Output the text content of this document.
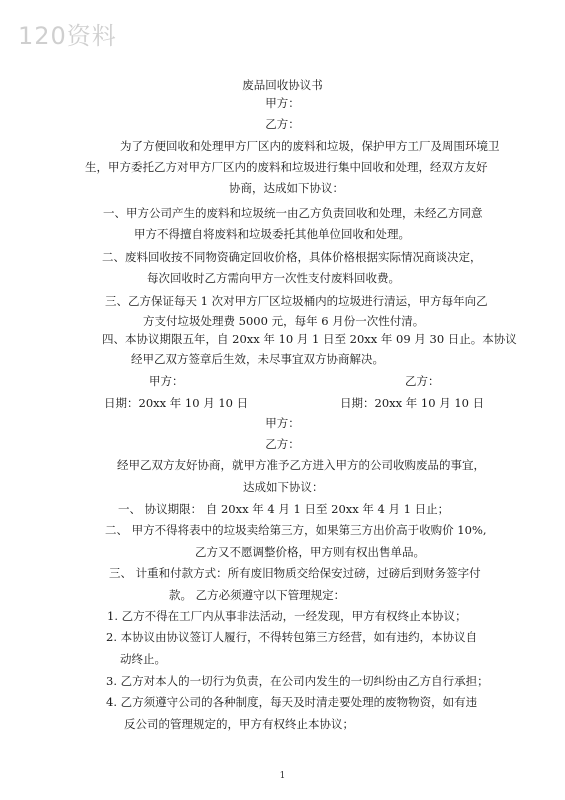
120资料
废品回收协议书
甲方：
乙方：
为了方便回收和处理甲方厂区内的废料和垃圾，保护甲方工厂及周围环境卫
生，甲方委托乙方对甲方厂区内的废料和垃圾进行集中回收和处理，经双方友好
协商，达成如下协议：
一、甲方公司产生的废料和垃圾统一由乙方负责回收和处理，未经乙方同意
甲方不得擅自将废料和垃圾委托其他单位回收和处理。
二、废料回收按不同物资确定回收价格，具体价格根据实际情况商谈决定，
每次回收时乙方需向甲方一次性支付废料回收费。
三、乙方保证每天 1 次对甲方厂区垃圾桶内的垃圾进行清运，甲方每年向乙
方支付垃圾处理费 5000 元，每年 6 月份一次性付清。
四、本协议期限五年，自 20xx 年 10 月 1 日至 20xx 年 09 月 30 日止。本协议
经甲乙双方签章后生效，未尽事宜双方协商解决。
甲方：	乙方：
日期：20xx 年 10 月 10 日	日期：20xx 年 10 月 10 日
甲方：
乙方：
经甲乙双方友好协商，就甲方准予乙方进入甲方的公司收购废品的事宜，
达成如下协议：
一、 协议期限： 自 20xx 年 4 月 1 日至 20xx 年 4 月 1 日止；
二、 甲方不得将表中的垃圾卖给第三方，如果第三方出价高于收购价 10%,
乙方又不愿调整价格，甲方则有权出售单品。
三、 计重和付款方式：所有废旧物质交给保安过磅，过磅后到财务签字付
款。 乙方必须遵守以下管理规定：
1. 乙方不得在工厂内从事非法活动，一经发现，甲方有权终止本协议；
2. 本协议由协议签订人履行，不得转包第三方经营，如有违约，本协议自
动终止。
3. 乙方对本人的一切行为负责，在公司内发生的一切纠纷由乙方自行承担；
4. 乙方须遵守公司的各种制度，每天及时清走要处理的废物物资，如有违
反公司的管理规定的，甲方有权终止本协议；
1
